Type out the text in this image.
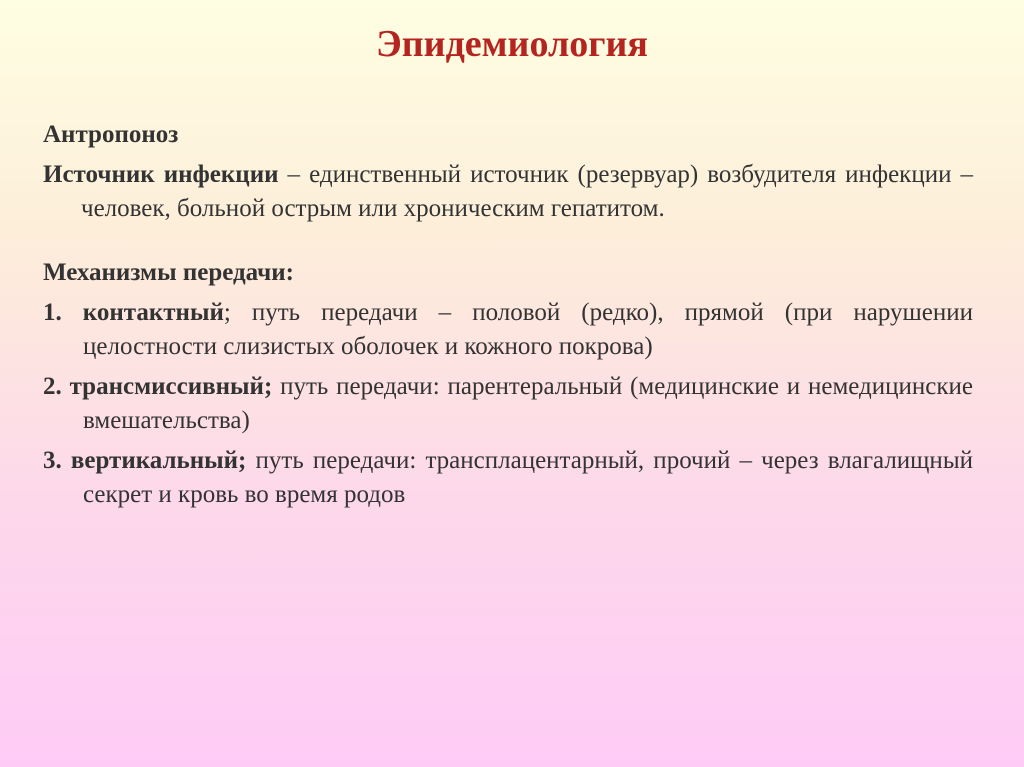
Эпидемиология

Антропоноз

Источник инфекции – единственный источник (резервуар) возбудителя инфекции – человек, больной острым или хроническим гепатитом.

Механизмы передачи:

1. контактный; путь передачи – половой (редко), прямой (при нарушении целостности слизистых оболочек и кожного покрова)

2. трансмиссивный; путь передачи: парентеральный (медицинские и немедицинские вмешательства)

3. вертикальный; путь передачи: трансплацентарный, прочий – через влагалищный секрет и кровь во время родов
